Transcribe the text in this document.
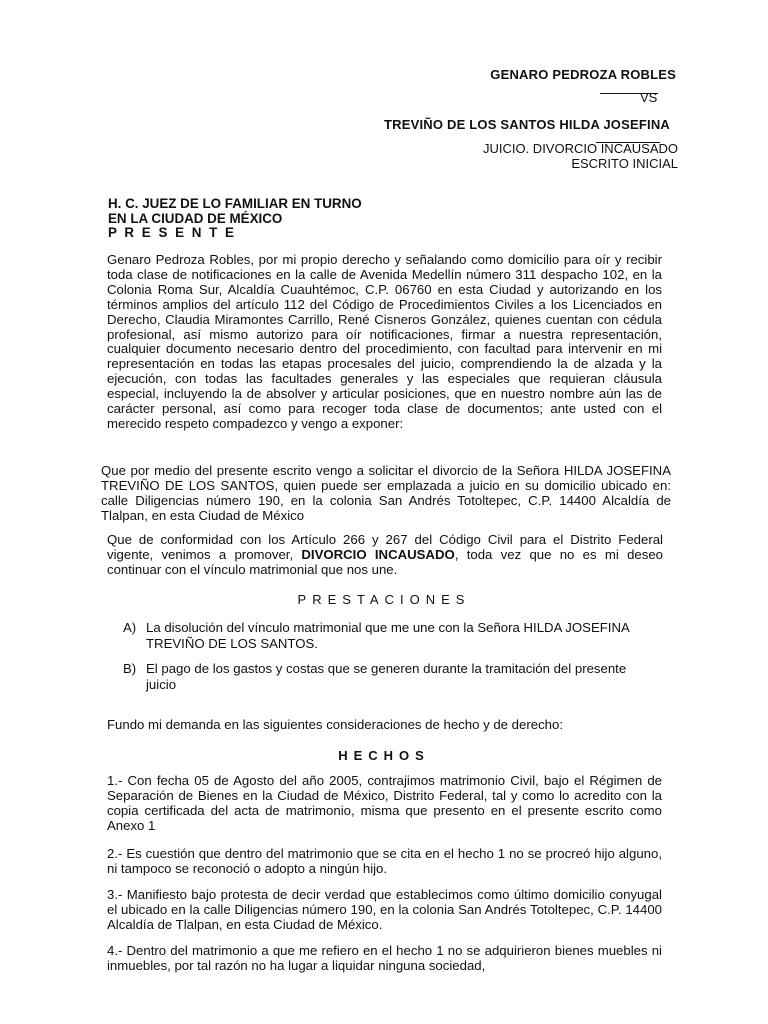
GENARO PEDROZA ROBLES
VS
TREVIÑO DE LOS SANTOS HILDA JOSEFINA
JUICIO. DIVORCIO INCAUSADO
ESCRITO INICIAL
H. C. JUEZ DE LO FAMILIAR EN TURNO
EN LA CIUDAD DE MÉXICO
P R E S E N T E
Genaro Pedroza Robles, por mi propio derecho y señalando como domicilio para oír y recibir toda clase de notificaciones en la calle de Avenida Medellín número 311 despacho 102, en la Colonia Roma Sur, Alcaldía Cuauhtémoc, C.P. 06760 en esta Ciudad y autorizando en los términos amplios del artículo 112 del Código de Procedimientos Civiles a los Licenciados en Derecho, Claudia Miramontes Carrillo, René Cisneros González, quienes cuentan con cédula profesional, así mismo autorizo para oír notificaciones, firmar a nuestra representación, cualquier documento necesario dentro del procedimiento, con facultad para intervenir en mi representación en todas las etapas procesales del juicio, comprendiendo la de alzada y la ejecución, con todas las facultades generales y las especiales que requieran cláusula especial, incluyendo la de absolver y articular posiciones, que en nuestro nombre aún las de carácter personal, así como para recoger toda clase de documentos; ante usted con el merecido respeto compadezco y vengo a exponer:
Que por medio del presente escrito vengo a solicitar el divorcio de la Señora HILDA JOSEFINA TREVIÑO DE LOS SANTOS, quien puede ser emplazada a juicio en su domicilio ubicado en: calle Diligencias número 190, en la colonia San Andrés Totoltepec, C.P. 14400 Alcaldía de Tlalpan, en esta Ciudad de México
Que de conformidad con los Artículo 266 y 267 del Código Civil para el Distrito Federal vigente, venimos a promover, DIVORCIO INCAUSADO, toda vez que no es mi deseo continuar con el vínculo matrimonial que nos une.
PRESTACIONES
A) La disolución del vínculo matrimonial que me une con la Señora HILDA JOSEFINA TREVIÑO DE LOS SANTOS.
B) El pago de los gastos y costas que se generen durante la tramitación del presente juicio
Fundo mi demanda en las siguientes consideraciones de hecho y de derecho:
HECHOS
1.- Con fecha 05 de Agosto del año 2005, contrajimos matrimonio Civil, bajo el Régimen de Separación de Bienes en la Ciudad de México, Distrito Federal, tal y como lo acredito con la copia certificada del acta de matrimonio, misma que presento en el presente escrito como Anexo 1
2.- Es cuestión que dentro del matrimonio que se cita en el hecho 1 no se procreó hijo alguno, ni tampoco se reconoció o adopto a ningún hijo.
3.- Manifiesto bajo protesta de decir verdad que establecimos como último domicilio conyugal el ubicado en la calle Diligencias número 190, en la colonia San Andrés Totoltepec, C.P. 14400 Alcaldía de Tlalpan, en esta Ciudad de México.
4.- Dentro del matrimonio a que me refiero en el hecho 1 no se adquirieron bienes muebles ni inmuebles, por tal razón no ha lugar a liquidar ninguna sociedad,
